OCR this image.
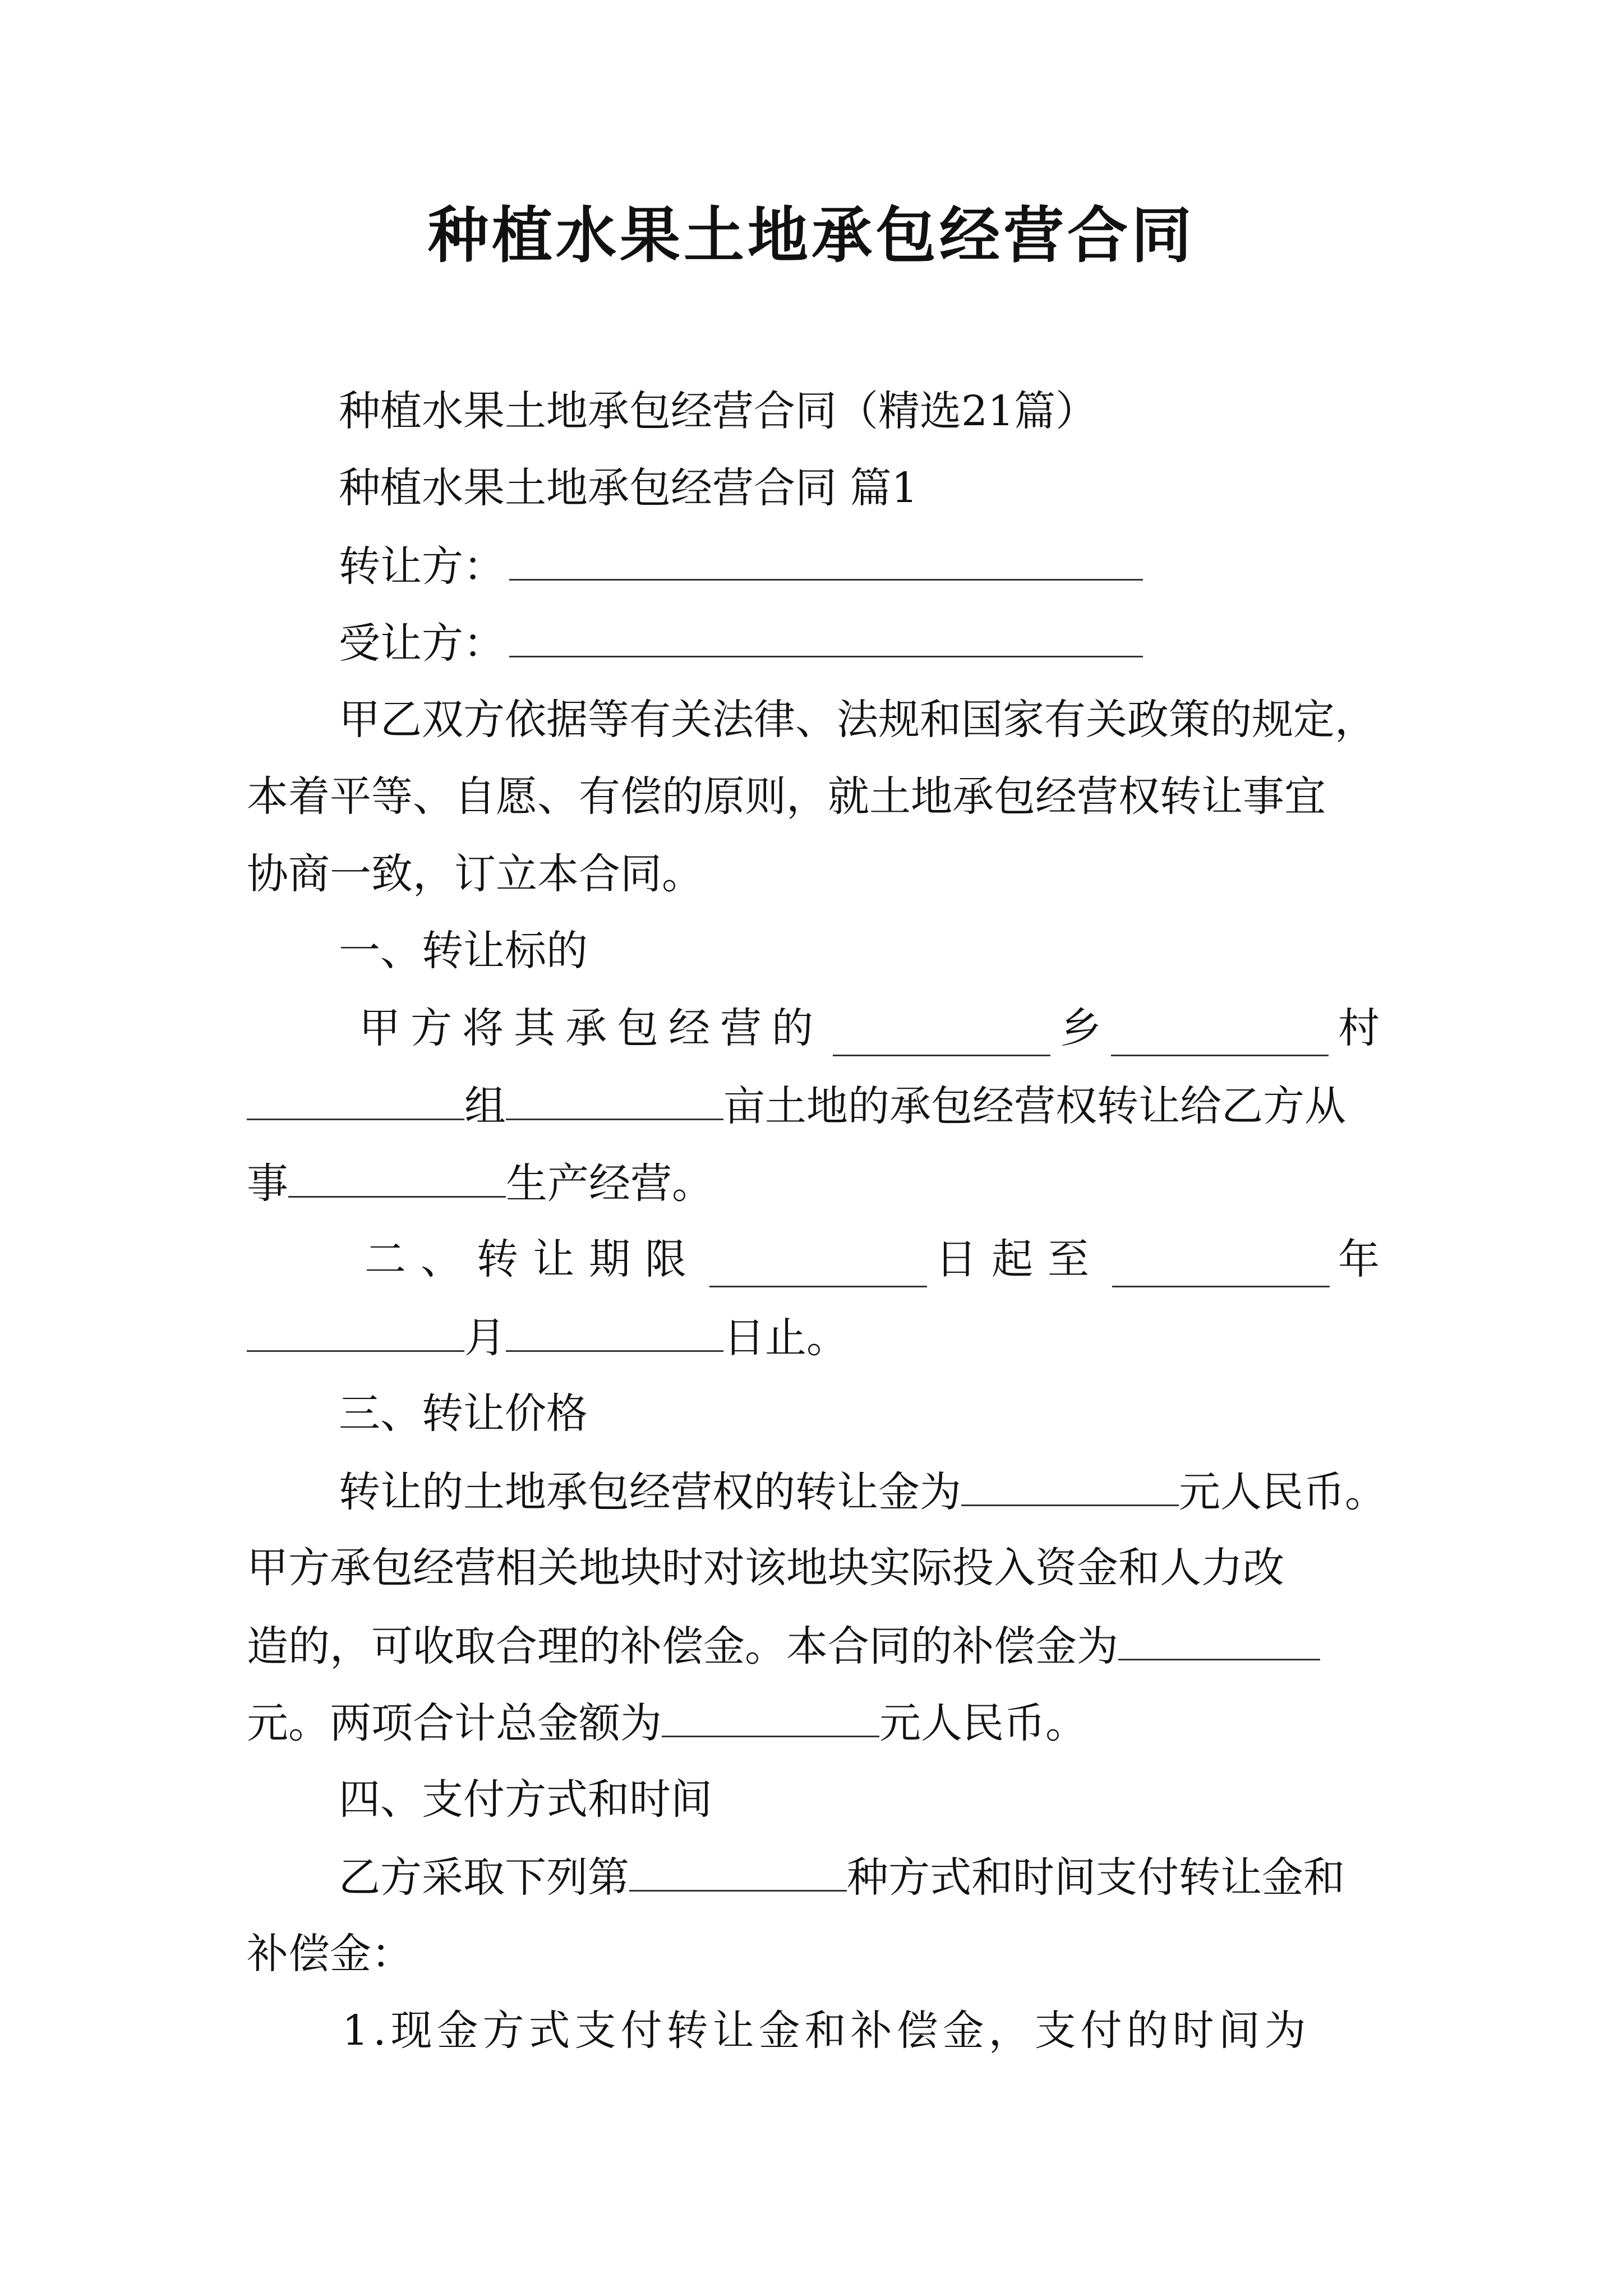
种植水果土地承包经营合同

种植水果土地承包经营合同（精选21篇）

种植水果土地承包经营合同 篇1

转让方：

受让方：

甲乙双方依据等有关法律、法规和国家有关政策的规定，

本着平等、自愿、有偿的原则，就土地承包经营权转让事宜

协商一致，订立本合同。

一、转让标的

甲方将其承包经营的	乡	村

组	亩土地的承包经营权转让给乙方从

事	生产经营。

二、转让期限	日起至	年

月	日止。

三、转让价格

转让的土地承包经营权的转让金为	元人民币。

甲方承包经营相关地块时对该地块实际投入资金和人力改

造的，可收取合理的补偿金。本合同的补偿金为

元。两项合计总金额为	元人民币。

四、支付方式和时间

乙方采取下列第	种方式和时间支付转让金和

补偿金：

1.现金方式支付转让金和补偿金，支付的时间为
